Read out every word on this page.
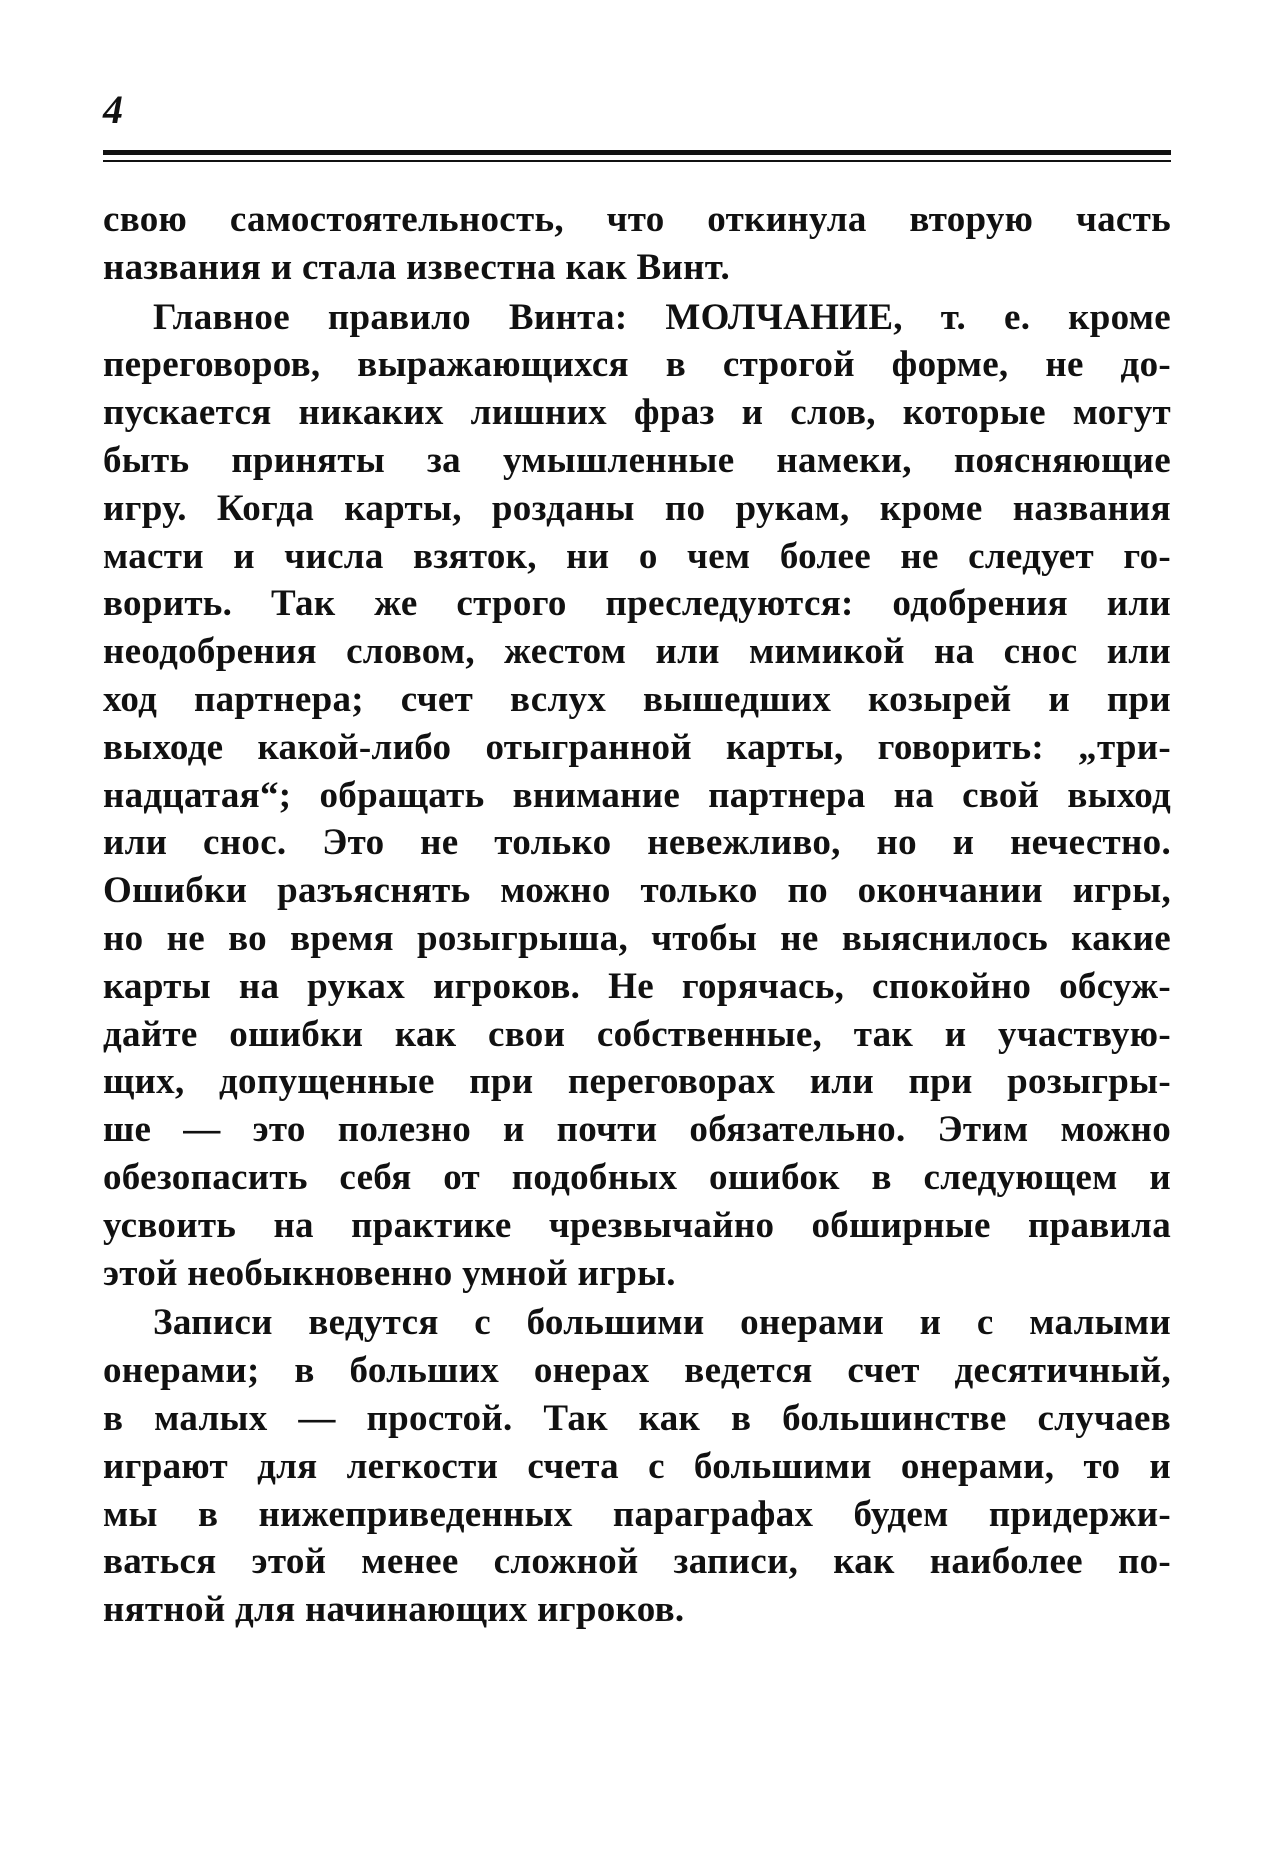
4
свою самостоятельность, что откинула вторую часть
названия и стала известна как Винт.
Главное правило Винта: МОЛЧАНИЕ, т. е. кроме
переговоров, выражающихся в строгой форме, не до-
пускается никаких лишних фраз и слов, которые могут
быть приняты за умышленные намеки, поясняющие
игру. Когда карты, розданы по рукам, кроме названия
масти и числа взяток, ни о чем более не следует го-
ворить. Так же строго преследуются: одобрения или
неодобрения словом, жестом или мимикой на снос или
ход партнера; счет вслух вышедших козырей и при
выходе какой-либо отыгранной карты, говорить: „три-
надцатая“; обращать внимание партнера на свой выход
или снос. Это не только невежливо, но и нечестно.
Ошибки разъяснять можно только по окончании игры,
но не во время розыгрыша, чтобы не выяснилось какие
карты на руках игроков. Не горячась, спокойно обсуж-
дайте ошибки как свои собственные, так и участвую-
щих, допущенные при переговорах или при розыгры-
ше — это полезно и почти обязательно. Этим можно
обезопасить себя от подобных ошибок в следующем и
усвоить на практике чрезвычайно обширные правила
этой необыкновенно умной игры.
Записи ведутся с большими онерами и с малыми
онерами; в больших онерах ведется счет десятичный,
в малых — простой. Так как в большинстве случаев
играют для легкости счета с большими онерами, то и
мы в нижеприведенных параграфах будем придержи-
ваться этой менее сложной записи, как наиболее по-
нятной для начинающих игроков.
